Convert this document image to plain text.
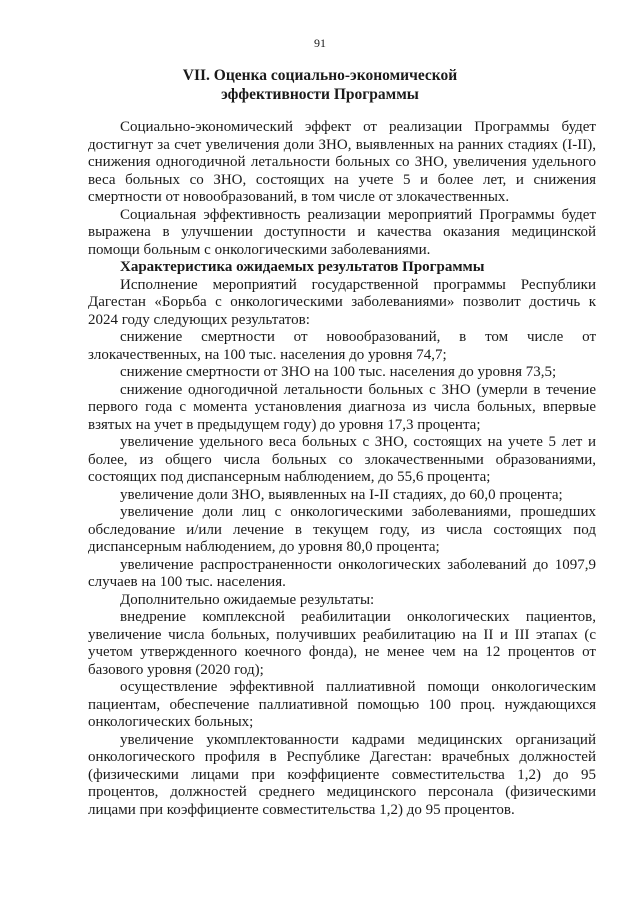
91
VII. Оценка социально-экономической
эффективности Программы

Социально-экономический эффект от реализации Программы будет достигнут за счет увеличения доли ЗНО, выявленных на ранних стадиях (I-II), снижения одногодичной летальности больных со ЗНО, увеличения удельного веса больных со ЗНО, состоящих на учете 5 и более лет, и снижения смертности от новообразований, в том числе от злокачественных.

Социальная эффективность реализации мероприятий Программы будет выражена в улучшении доступности и качества оказания медицинской помощи больным с онкологическими заболеваниями.

Характеристика ожидаемых результатов Программы

Исполнение мероприятий государственной программы Республики Дагестан «Борьба с онкологическими заболеваниями» позволит достичь к 2024 году следующих результатов:

снижение смертности от новообразований, в том числе от злокачественных, на 100 тыс. населения до уровня 74,7;

снижение смертности от ЗНО на 100 тыс. населения до уровня 73,5;

снижение одногодичной летальности больных с ЗНО (умерли в течение первого года с момента установления диагноза из числа больных, впервые взятых на учет в предыдущем году) до уровня 17,3 процента;

увеличение удельного веса больных с ЗНО, состоящих на учете 5 лет и более, из общего числа больных со злокачественными образованиями, состоящих под диспансерным наблюдением, до 55,6 процента;

увеличение доли ЗНО, выявленных на I-II стадиях, до 60,0 процента;

увеличение доли лиц с онкологическими заболеваниями, прошедших обследование и/или лечение в текущем году, из числа состоящих под диспансерным наблюдением, до уровня 80,0 процента;

увеличение распространенности онкологических заболеваний до 1097,9 случаев на 100 тыс. населения.

Дополнительно ожидаемые результаты:

внедрение комплексной реабилитации онкологических пациентов, увеличение числа больных, получивших реабилитацию на II и III этапах (с учетом утвержденного коечного фонда), не менее чем на 12 процентов от базового уровня (2020 год);

осуществление эффективной паллиативной помощи онкологическим пациентам, обеспечение паллиативной помощью 100 проц. нуждающихся онкологических больных;

увеличение укомплектованности кадрами медицинских организаций онкологического профиля в Республике Дагестан: врачебных должностей (физическими лицами при коэффициенте совместительства 1,2) до 95 процентов, должностей среднего медицинского персонала (физическими лицами при коэффициенте совместительства 1,2) до 95 процентов.
